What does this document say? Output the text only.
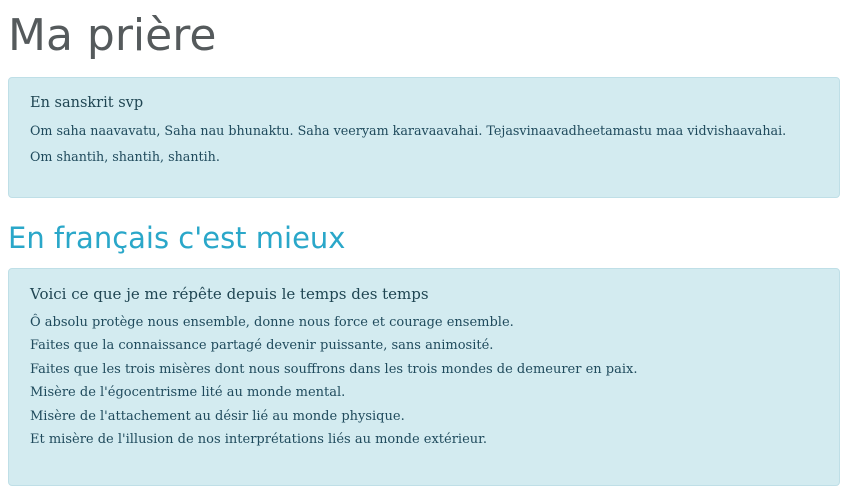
Ma prière

En sanskrit svp

Om saha naavavatu, Saha nau bhunaktu. Saha veeryam karavaavahai. Tejasvinaavadheetamastu maa vidvishaavahai.
Om shantih, shantih, shantih.
En français c'est mieux

Voici ce que je me répête depuis le temps des temps

Ô absolu protège nous ensemble, donne nous force et courage ensemble.
Faites que la connaissance partagé devenir puissante, sans animosité.
Faites que les trois misères dont nous souffrons dans les trois mondes de demeurer en paix.
Misère de l'égocentrisme lité au monde mental.
Misère de l'attachement au désir lié au monde physique.
Et misère de l'illusion de nos interprétations liés au monde extérieur.
